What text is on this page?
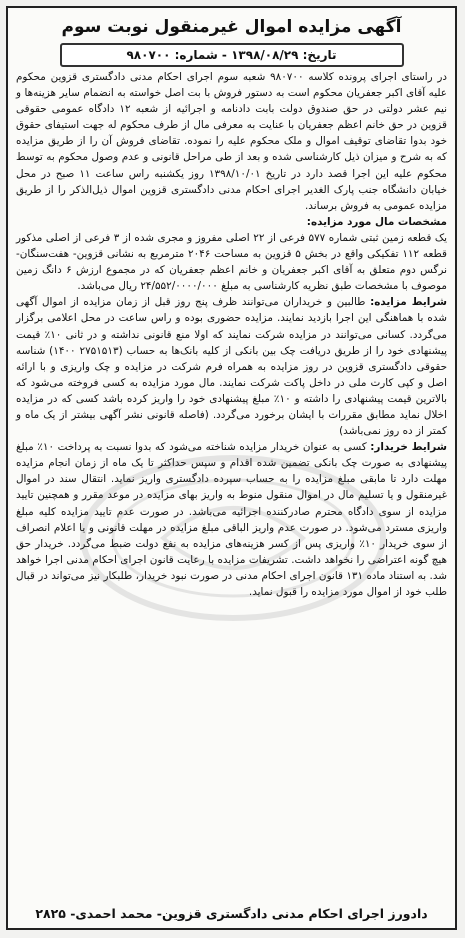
آگهی مزایده اموال غیرمنقول نوبت سوم
تاریخ: ۱۳۹۸/۰۸/۲۹ - شماره: ۹۸۰۷۰۰

در راستای اجرای پرونده کلاسه ۹۸۰۷۰۰ شعبه سوم اجرای احکام مدنی دادگستری قزوین محکوم علیه آقای اکبر جعفریان محکوم است به دستور فروش با بت اصل خواسته به انضمام سایر هزینه‌ها و نیم عشر دولتی در حق صندوق دولت بابت دادنامه و اجرائیه از شعبه ۱۲ دادگاه عمومی حقوقی قزوین در حق خانم اعظم جعفریان با عنایت به معرفی مال از طرف محکوم له جهت استیفای حقوق خود بدوا تقاضای توقیف اموال و ملک محکوم علیه را نموده. تقاضای فروش آن را از طریق مزایده که به شرح و میزان ذیل کارشناسی شده و بعد از طی مراحل قانونی و عدم وصول محکوم به توسط محکوم علیه این اجرا قصد دارد در تاریخ ۱۳۹۸/۱۰/۰۱ روز یکشنبه راس ساعت ۱۱ صبح در محل خیابان دانشگاه جنب پارک الغدیر اجرای احکام مدنی دادگستری قزوین اموال ذیل‌الذکر را از طریق مزایده عمومی به فروش برساند.

مشخصات مال مورد مزایده:

یک قطعه زمین ثبتی شماره ۵۷۷ فرعی از ۲۲ اصلی مفروز و مجری شده از ۳ فرعی از اصلی مذکور قطعه ۱۱۲ تفکیکی واقع در بخش ۵ قزوین به مساحت ۲۰۴۶ مترمربع به نشانی قزوین- هفت‌سنگان- نرگس دوم متعلق به آقای اکبر جعفریان و خانم اعظم جعفریان که در مجموع ارزش ۶ دانگ زمین موصوف با مشخصات طبق نظریه کارشناسی به مبلغ ۲۴/۵۵۲/۰۰۰۰/۰۰۰ ریال می‌باشد.

شرایط مزایده: طالبین و خریداران می‌توانند ظرف پنج روز قبل از زمان مزایده از اموال آگهی شده با هماهنگی این اجرا بازدید نمایند. مزایده حضوری بوده و راس ساعت در محل اعلامی برگزار می‌گردد. کسانی می‌توانند در مزایده شرکت نمایند که اولا منع قانونی نداشته و در ثانی ۱۰٪ قیمت پیشنهادی خود را از طریق دریافت چک بین بانکی از کلیه بانک‌ها به حساب (۲۷۵۱۵۱۳ ۱۴۰۰) شناسه حقوقی دادگستری قزوین در روز مزایده به همراه فرم شرکت در مزایده و چک واریزی و با ارائه اصل و کپی کارت ملی در داخل پاکت شرکت نمایند. مال مورد مزایده به کسی فروخته می‌شود که بالاترین قیمت پیشنهادی را داشته و ۱۰٪ مبلغ پیشنهادی خود را واریز کرده باشد کسی که در مزایده اخلال نماید مطابق مقررات با ایشان برخورد می‌گردد. (فاصله قانونی نشر آگهی بیشتر از یک ماه و کمتر از ده روز نمی‌باشد)

شرایط خریدار: کسی به عنوان خریدار مزایده شناخته می‌شود که بدوا نسبت به پرداخت ۱۰٪ مبلغ پیشنهادی به صورت چک بانکی تضمین شده اقدام و سپس حداکثر تا یک ماه از زمان انجام مزایده مهلت دارد تا مابقی مبلغ مزایده را به حساب سپرده دادگستری واریز نماید. انتقال سند در اموال غیرمنقول و یا تسلیم مال در اموال منقول منوط به واریز بهای مزایده در موعد مقرر و همچنین تایید مزایده از سوی دادگاه محترم صادرکننده اجرائیه می‌باشد. در صورت عدم تایید مزایده کلیه مبلغ واریزی مسترد می‌شود. در صورت عدم واریز الباقی مبلغ مزایده در مهلت قانونی و یا اعلام انصراف از سوی خریدار ۱۰٪ واریزی پس از کسر هزینه‌های مزایده به نفع دولت ضبط می‌گردد. خریدار حق هیچ گونه اعتراضی را نخواهد داشت. تشریفات مزایده با رعایت قانون اجرای احکام مدنی اجرا خواهد شد. به استناد ماده ۱۳۱ قانون اجرای احکام مدنی در صورت نبود خریدار، طلبکار نیز می‌تواند در قبال طلب خود از اموال مورد مزایده را قبول نماید.

دادورز اجرای احکام مدنی دادگستری قزوین- محمد احمدی- ۲۸۲۵
